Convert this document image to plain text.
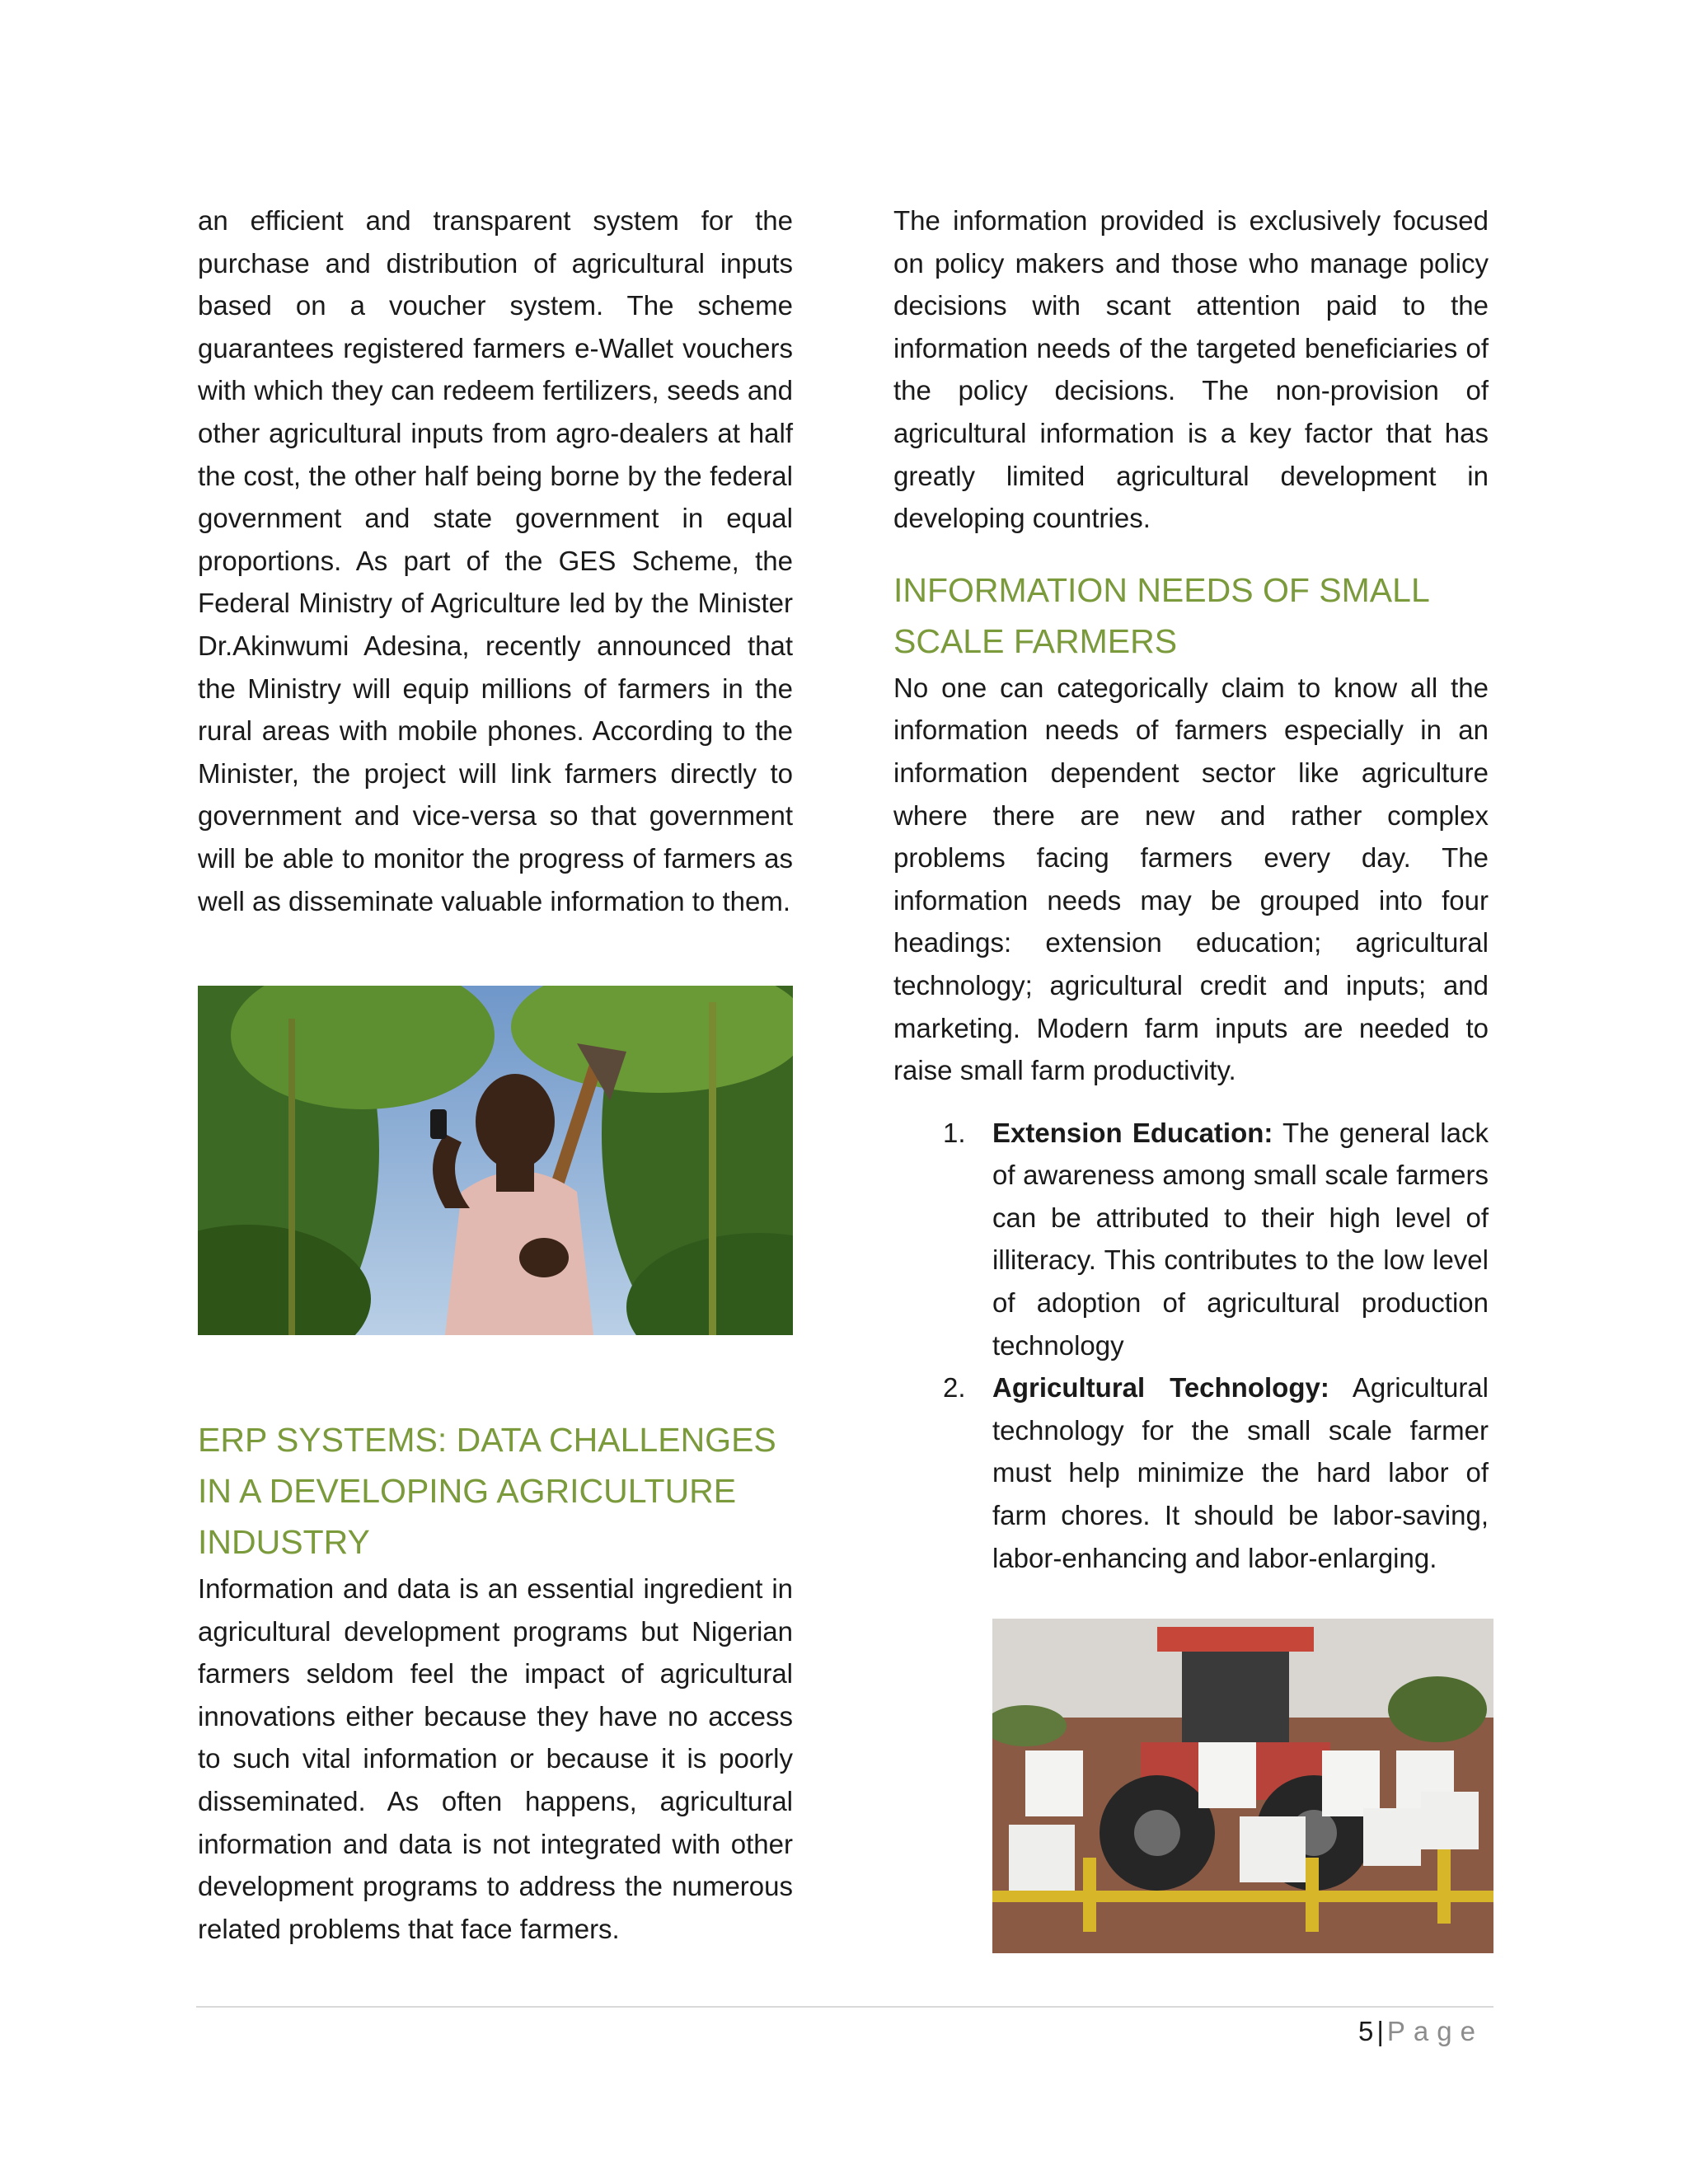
an efficient and transparent system for the purchase and distribution of agricultural inputs based on a voucher system. The scheme guarantees registered farmers e-Wallet vouchers with which they can redeem fertilizers, seeds and other agricultural inputs from agro-dealers at half the cost, the other half being borne by the federal government and state government in equal proportions. As part of the GES Scheme, the Federal Ministry of Agriculture led by the Minister Dr.Akinwumi Adesina, recently announced that the Ministry will equip millions of farmers in the rural areas with mobile phones. According to the Minister, the project will link farmers directly to government and vice-versa so that government will be able to monitor the progress of farmers as well as disseminate valuable information to them.

ERP SYSTEMS: DATA CHALLENGES IN A DEVELOPING AGRICULTURE INDUSTRY

Information and data is an essential ingredient in agricultural development programs but Nigerian farmers seldom feel the impact of agricultural innovations either because they have no access to such vital information or because it is poorly disseminated. As often happens, agricultural information and data is not integrated with other development programs to address the numerous related problems that face farmers.

The information provided is exclusively focused on policy makers and those who manage policy decisions with scant attention paid to the information needs of the targeted beneficiaries of the policy decisions. The non-provision of agricultural information is a key factor that has greatly limited agricultural development in developing countries.

INFORMATION NEEDS OF SMALL SCALE FARMERS

No one can categorically claim to know all the information needs of farmers especially in an information dependent sector like agriculture where there are new and rather complex problems facing farmers every day. The information needs may be grouped into four headings: extension education; agricultural technology; agricultural credit and inputs; and marketing. Modern farm inputs are needed to raise small farm productivity.

1. Extension Education: The general lack of awareness among small scale farmers can be attributed to their high level of illiteracy. This contributes to the low level of adoption of agricultural production technology
2. Agricultural Technology: Agricultural technology for the small scale farmer must help minimize the hard labor of farm chores. It should be labor-saving, labor-enhancing and labor-enlarging.
5 | Page
